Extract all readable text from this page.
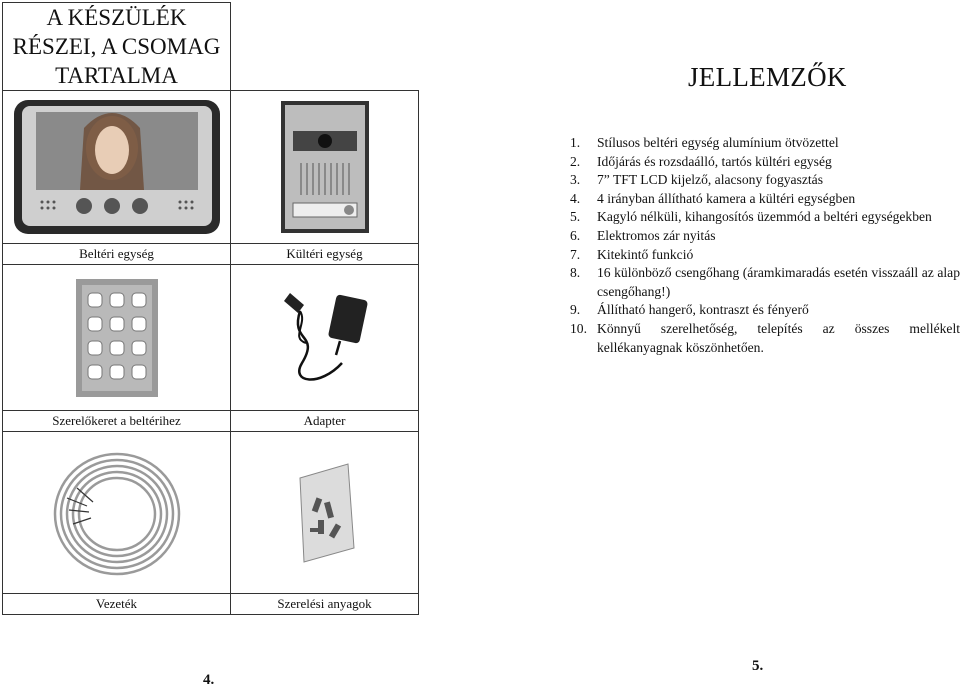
A KÉSZÜLÉK RÉSZEI, A CSOMAG TARTALMA	

Beltéri egység	Kültéri egység

Szerelőkeret a beltérihez	Adapter

Vezeték	Szerelési anyagok
JELLEMZŐK
1.	Stílusos beltéri egység alumínium ötvözettel
2.	Időjárás és rozsdaálló, tartós kültéri egység
3.	7” TFT LCD kijelző, alacsony fogyasztás
4.	4 irányban állítható kamera a kültéri egységben
5.	Kagyló nélküli, kihangosítós üzemmód a beltéri egységekben
6.	Elektromos zár nyitás
7.	Kitekintő funkció
8.	16 különböző csengőhang (áramkimaradás esetén visszaáll az alap csengőhang!)
9.	Állítható hangerő, kontraszt és fényerő
10. Könnyű szerelhetőség, telepítés az összes mellékelt kellékanyagnak köszönhetően.
4.
5.
